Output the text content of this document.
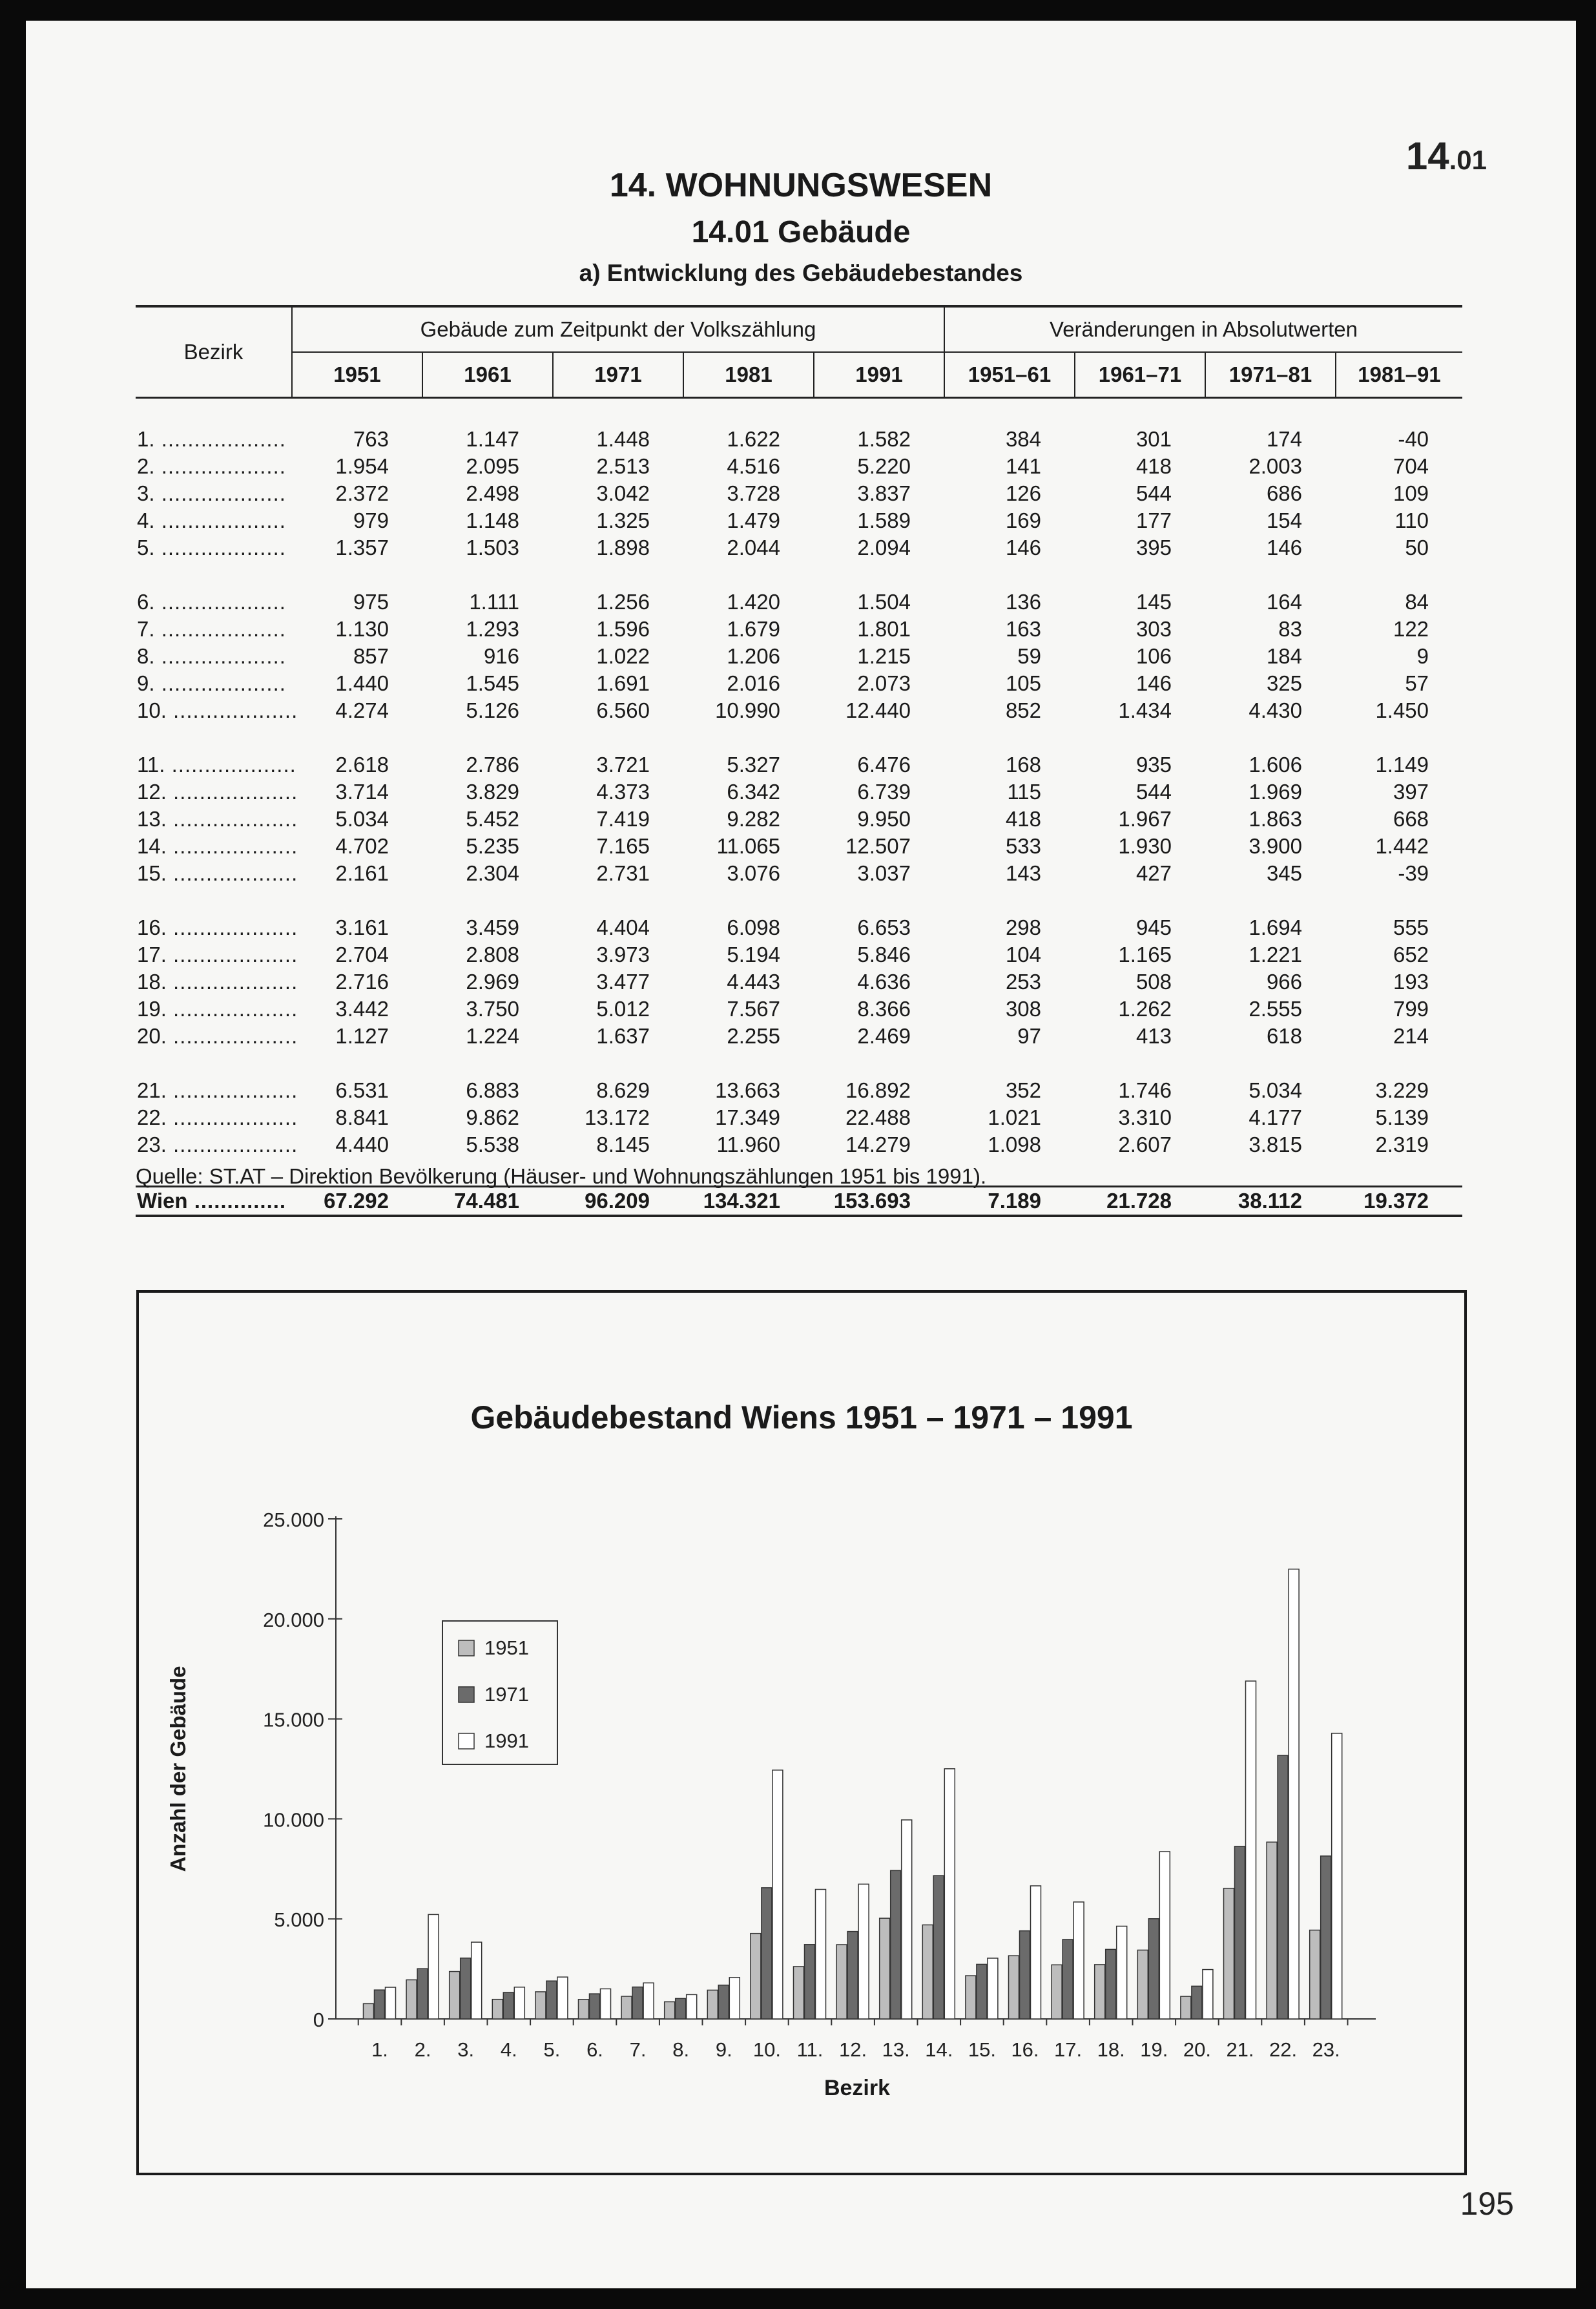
14.01
14. WOHNUNGSWESEN
14.01 Gebäude
a) Entwicklung des Gebäudebestandes
Bezirk	Gebäude zum Zeitpunkt der Volkszählung					Veränderungen in Absolutwerten			
	1951	1961	1971	1981	1991	1951–61	1961–71	1971–81	1981–91

1. ...................	763	1.147	1.448	1.622	1.582	384	301	174	-40
2. ...................	1.954	2.095	2.513	4.516	5.220	141	418	2.003	704
3. ...................	2.372	2.498	3.042	3.728	3.837	126	544	686	109
4. ...................	979	1.148	1.325	1.479	1.589	169	177	154	110
5. ...................	1.357	1.503	1.898	2.044	2.094	146	395	146	50

6. ...................	975	1.111	1.256	1.420	1.504	136	145	164	84
7. ...................	1.130	1.293	1.596	1.679	1.801	163	303	83	122
8. ...................	857	916	1.022	1.206	1.215	59	106	184	9
9. ...................	1.440	1.545	1.691	2.016	2.073	105	146	325	57
10. ...................	4.274	5.126	6.560	10.990	12.440	852	1.434	4.430	1.450

11. ...................	2.618	2.786	3.721	5.327	6.476	168	935	1.606	1.149
12. ...................	3.714	3.829	4.373	6.342	6.739	115	544	1.969	397
13. ...................	5.034	5.452	7.419	9.282	9.950	418	1.967	1.863	668
14. ...................	4.702	5.235	7.165	11.065	12.507	533	1.930	3.900	1.442
15. ...................	2.161	2.304	2.731	3.076	3.037	143	427	345	-39

16. ...................	3.161	3.459	4.404	6.098	6.653	298	945	1.694	555
17. ...................	2.704	2.808	3.973	5.194	5.846	104	1.165	1.221	652
18. ...................	2.716	2.969	3.477	4.443	4.636	253	508	966	193
19. ...................	3.442	3.750	5.012	7.567	8.366	308	1.262	2.555	799
20. ...................	1.127	1.224	1.637	2.255	2.469	97	413	618	214

21. ...................	6.531	6.883	8.629	13.663	16.892	352	1.746	5.034	3.229
22. ...................	8.841	9.862	13.172	17.349	22.488	1.021	3.310	4.177	5.139
23. ...................	4.440	5.538	8.145	11.960	14.279	1.098	2.607	3.815	2.319

Wien ..............	67.292	74.481	96.209	134.321	153.693	7.189	21.728	38.112	19.372
Quelle: ST.AT – Direktion Bevölkerung (Häuser- und Wohnungszählungen 1951 bis 1991).
Gebäudebestand Wiens 1951 – 1971 – 1991
0
5.000
10.000
15.000
20.000
25.000
Anzahl der Gebäude
1. 2. 3. 4. 5. 6. 7. 8. 9. 10. 11. 12. 13. 14. 15. 16. 17. 18. 19. 20. 21. 22. 23.
Bezirk
1951
1971
1991
195
